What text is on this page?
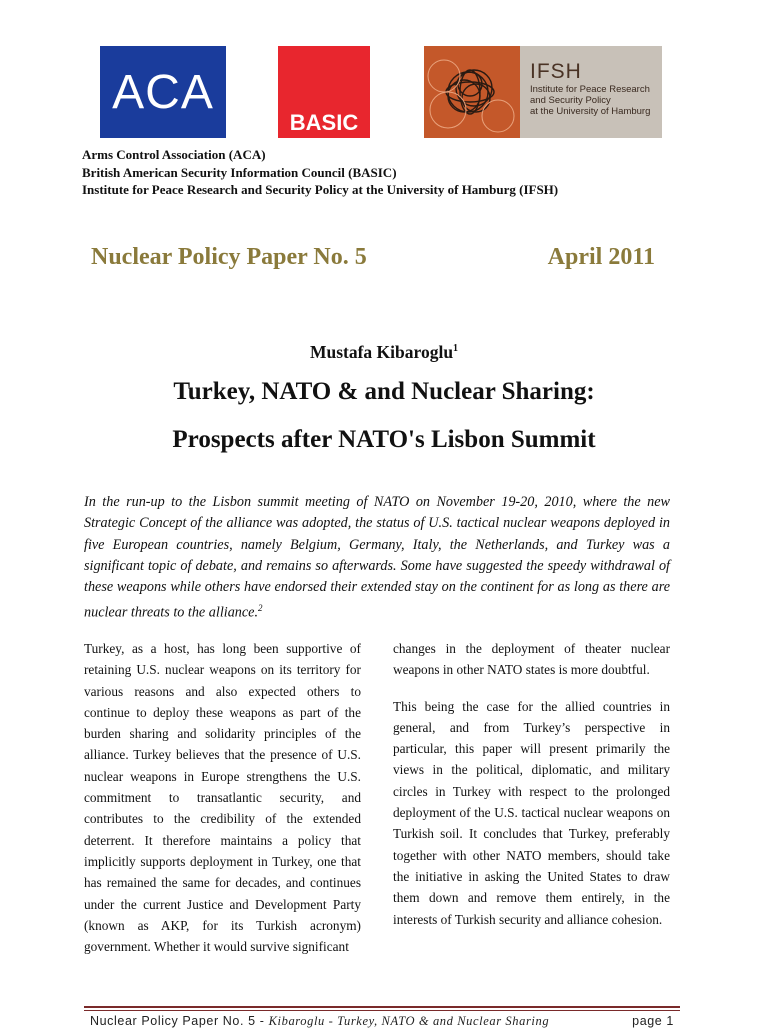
ACA
BASIC
IFSH
Institute for Peace Research
and Security Policy
at the University of Hamburg
Arms Control Association (ACA)
British American Security Information Council (BASIC)
Institute for Peace Research and Security Policy at the University of Hamburg (IFSH)
Nuclear Policy Paper No. 5	April 2011
Mustafa Kibaroglu$^1$
Turkey, NATO & and Nuclear Sharing:
Prospects after NATO's Lisbon Summit
In the run-up to the Lisbon summit meeting of NATO on November 19-20, 2010, where the new Strategic Concept of the alliance was adopted, the status of U.S. tactical nuclear weapons deployed in five European countries, namely Belgium, Germany, Italy, the Netherlands, and Turkey was a significant topic of debate, and remains so afterwards. Some have suggested the speedy withdrawal of these weapons while others have endorsed their extended stay on the continent for as long as there are nuclear threats to the alliance.$^2$

Turkey, as a host, has long been supportive of retaining U.S. nuclear weapons on its territory for various reasons and also expected others to continue to deploy these weapons as part of the burden sharing and solidarity principles of the alliance. Turkey believes that the presence of U.S. nuclear weapons in Europe strengthens the U.S. commitment to transatlantic security, and contributes to the credibility of the extended deterrent. It therefore maintains a policy that implicitly supports deployment in Turkey, one that has remained the same for decades, and continues under the current Justice and Development Party (known as AKP, for its Turkish acronym) government. Whether it would survive significant

changes in the deployment of theater nuclear weapons in other NATO states is more doubtful.

This being the case for the allied countries in general, and from Turkey’s perspective in particular, this paper will present primarily the views in the political, diplomatic, and military circles in Turkey with respect to the prolonged deployment of the U.S. tactical nuclear weapons on Turkish soil. It concludes that Turkey, preferably together with other NATO members, should take the initiative in asking the United States to draw them down and remove them entirely, in the interests of Turkish security and alliance cohesion.

Nuclear Policy Paper No. 5 - Kibaroglu - Turkey, NATO & and Nuclear Sharing	page 1
